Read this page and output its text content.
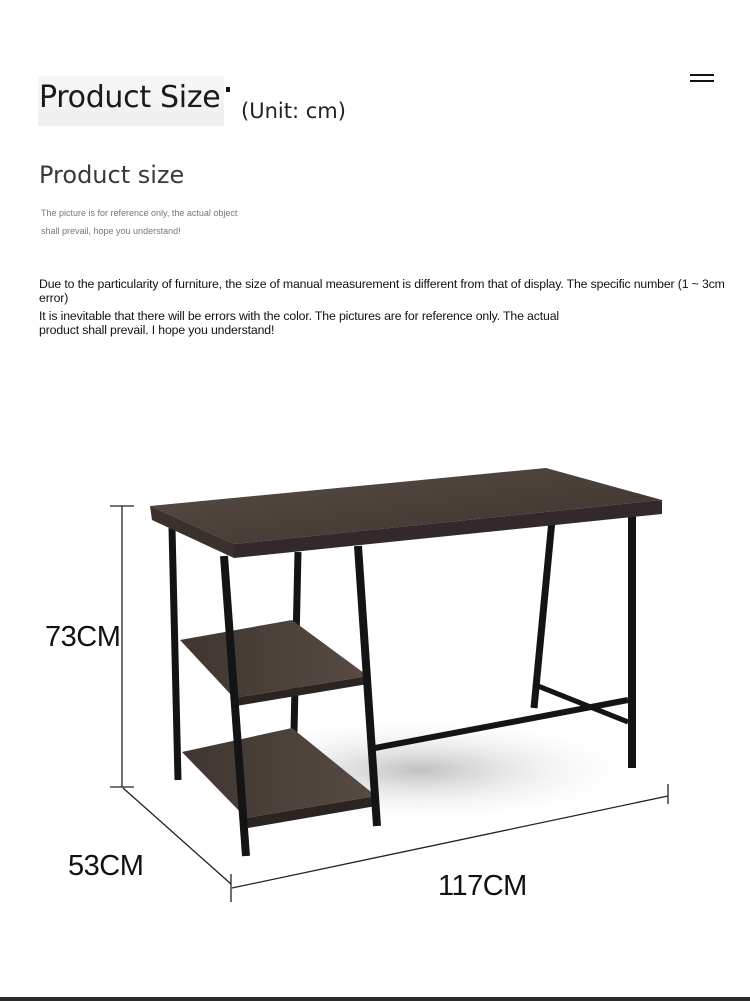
Product Size (Unit: cm)
Product size
The picture is for reference only, the actual object
shall prevail, hope you understand!
Due to the particularity of furniture, the size of manual measurement is different from that of display. The specific number (1 ~ 3cm error)
It is inevitable that there will be errors with the color. The pictures are for reference only. The actual product shall prevail. I hope you understand!
73CM
53CM
117CM
